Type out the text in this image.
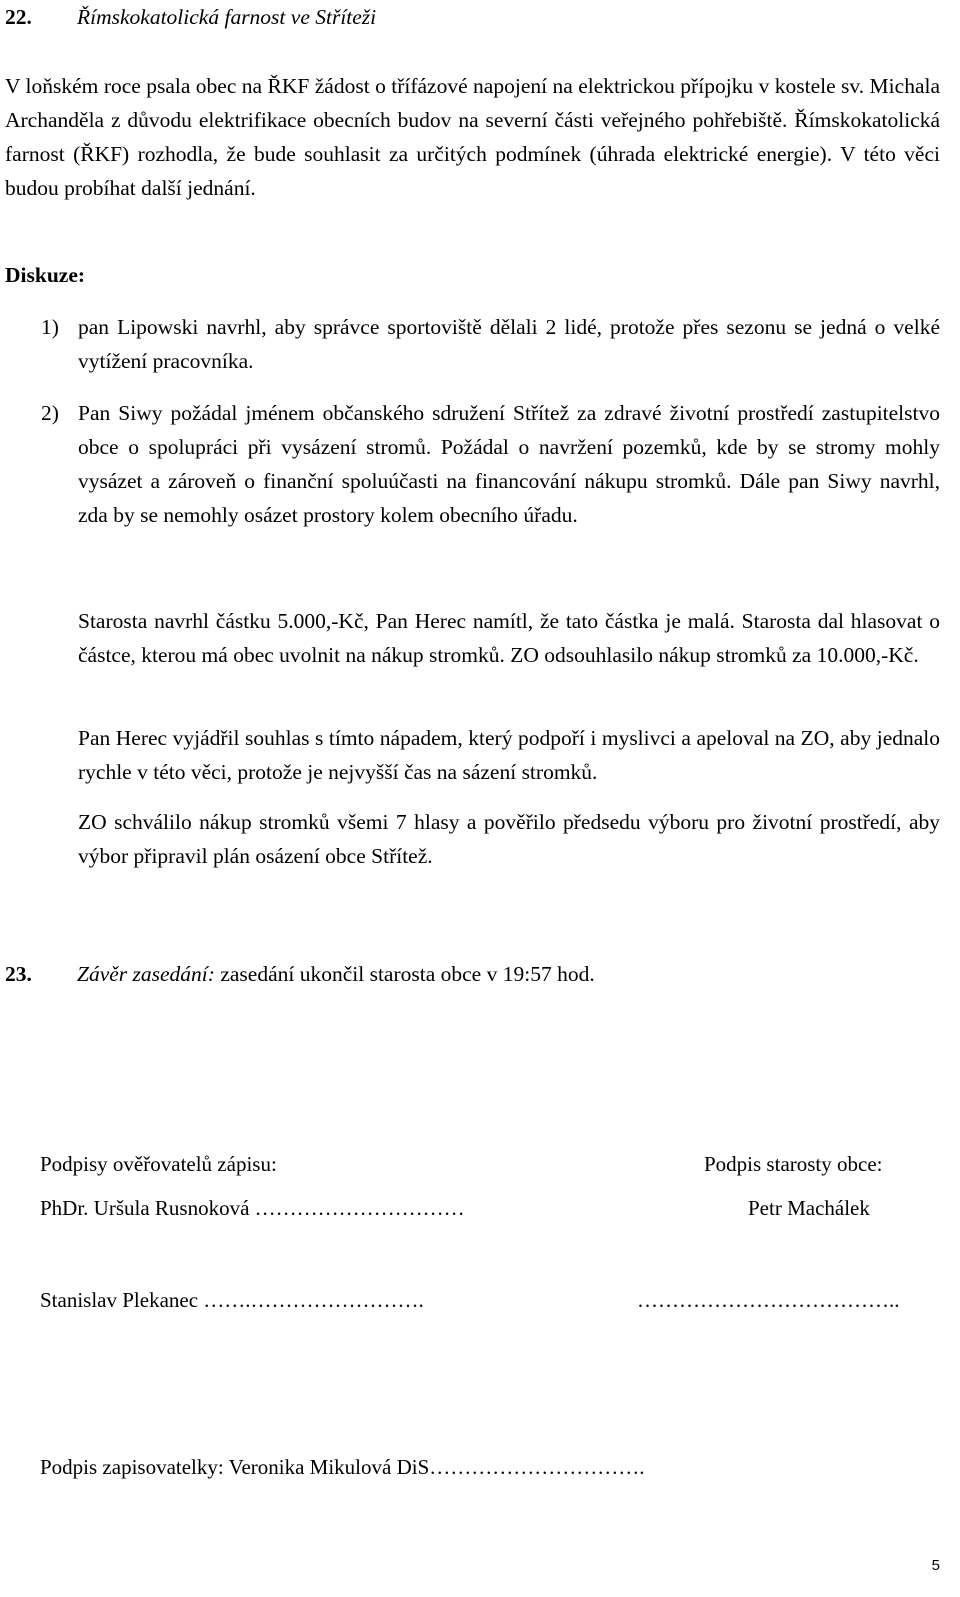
22. Římskokatolická farnost ve Stříteži

V loňském roce psala obec na ŘKF žádost o třífázové napojení na elektrickou přípojku v kostele sv. Michala Archanděla z důvodu elektrifikace obecních budov na severní části veřejného pohřebiště. Římskokatolická farnost (ŘKF) rozhodla, že bude souhlasit za určitých podmínek (úhrada elektrické energie). V této věci budou probíhat další jednání.

Diskuze:
1) pan Lipowski navrhl, aby správce sportoviště dělali 2 lidé, protože přes sezonu se jedná o velké vytížení pracovníka.
2) Pan Siwy požádal jménem občanského sdružení Střítež za zdravé životní prostředí zastupitelstvo obce o spolupráci při vysázení stromů. Požádal o navržení pozemků, kde by se stromy mohly vysázet a zároveň o finanční spoluúčasti na financování nákupu stromků. Dále pan Siwy navrhl, zda by se nemohly osázet prostory kolem obecního úřadu.

Starosta navrhl částku 5.000,-Kč, Pan Herec namítl, že tato částka je malá. Starosta dal hlasovat o částce, kterou má obec uvolnit na nákup stromků. ZO odsouhlasilo nákup stromků za 10.000,-Kč.

Pan Herec vyjádřil souhlas s tímto nápadem, který podpoří i myslivci a apeloval na ZO, aby jednalo rychle v této věci, protože je nejvyšší čas na sázení stromků.

ZO schválilo nákup stromků všemi 7 hlasy a pověřilo předsedu výboru pro životní prostředí, aby výbor připravil plán osázení obce Střítež.

23. Závěr zasedání: zasedání ukončil starosta obce v 19:57 hod.
Podpisy ověřovatelů zápisu:	Podpis starosty obce:
PhDr. Uršula Rusnoková …………………………	Petr Machálek
Stanislav Plekanec …….…………………….	………………………………..
Podpis zapisovatelky: Veronika Mikulová DiS………………………….
5
